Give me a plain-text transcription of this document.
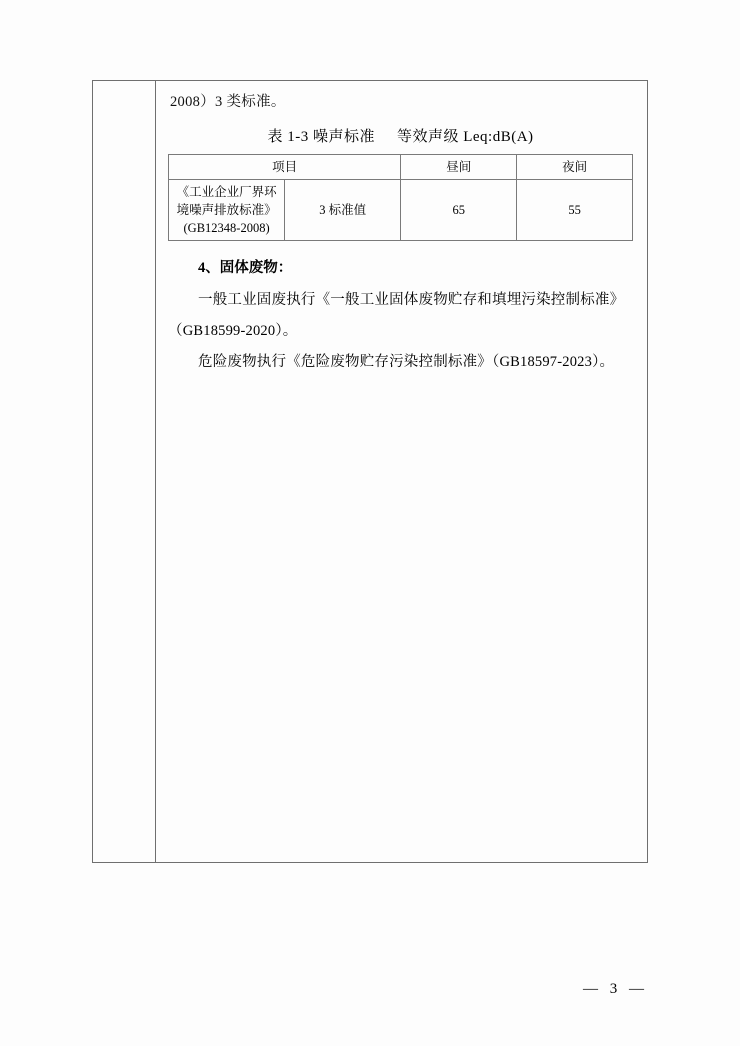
2008）3 类标准。

表 1-3 噪声标准 等效声级 Leq:dB(A)
项目		昼间	夜间
《工业企业厂界环境噪声排放标准》(GB12348-2008)	3 标准值	65	55

4、固体废物：

一般工业固废执行《一般工业固体废物贮存和填埋污染控制标准》（GB18599-2020）。

危险废物执行《危险废物贮存污染控制标准》（GB18597-2023）。

— 3 —
